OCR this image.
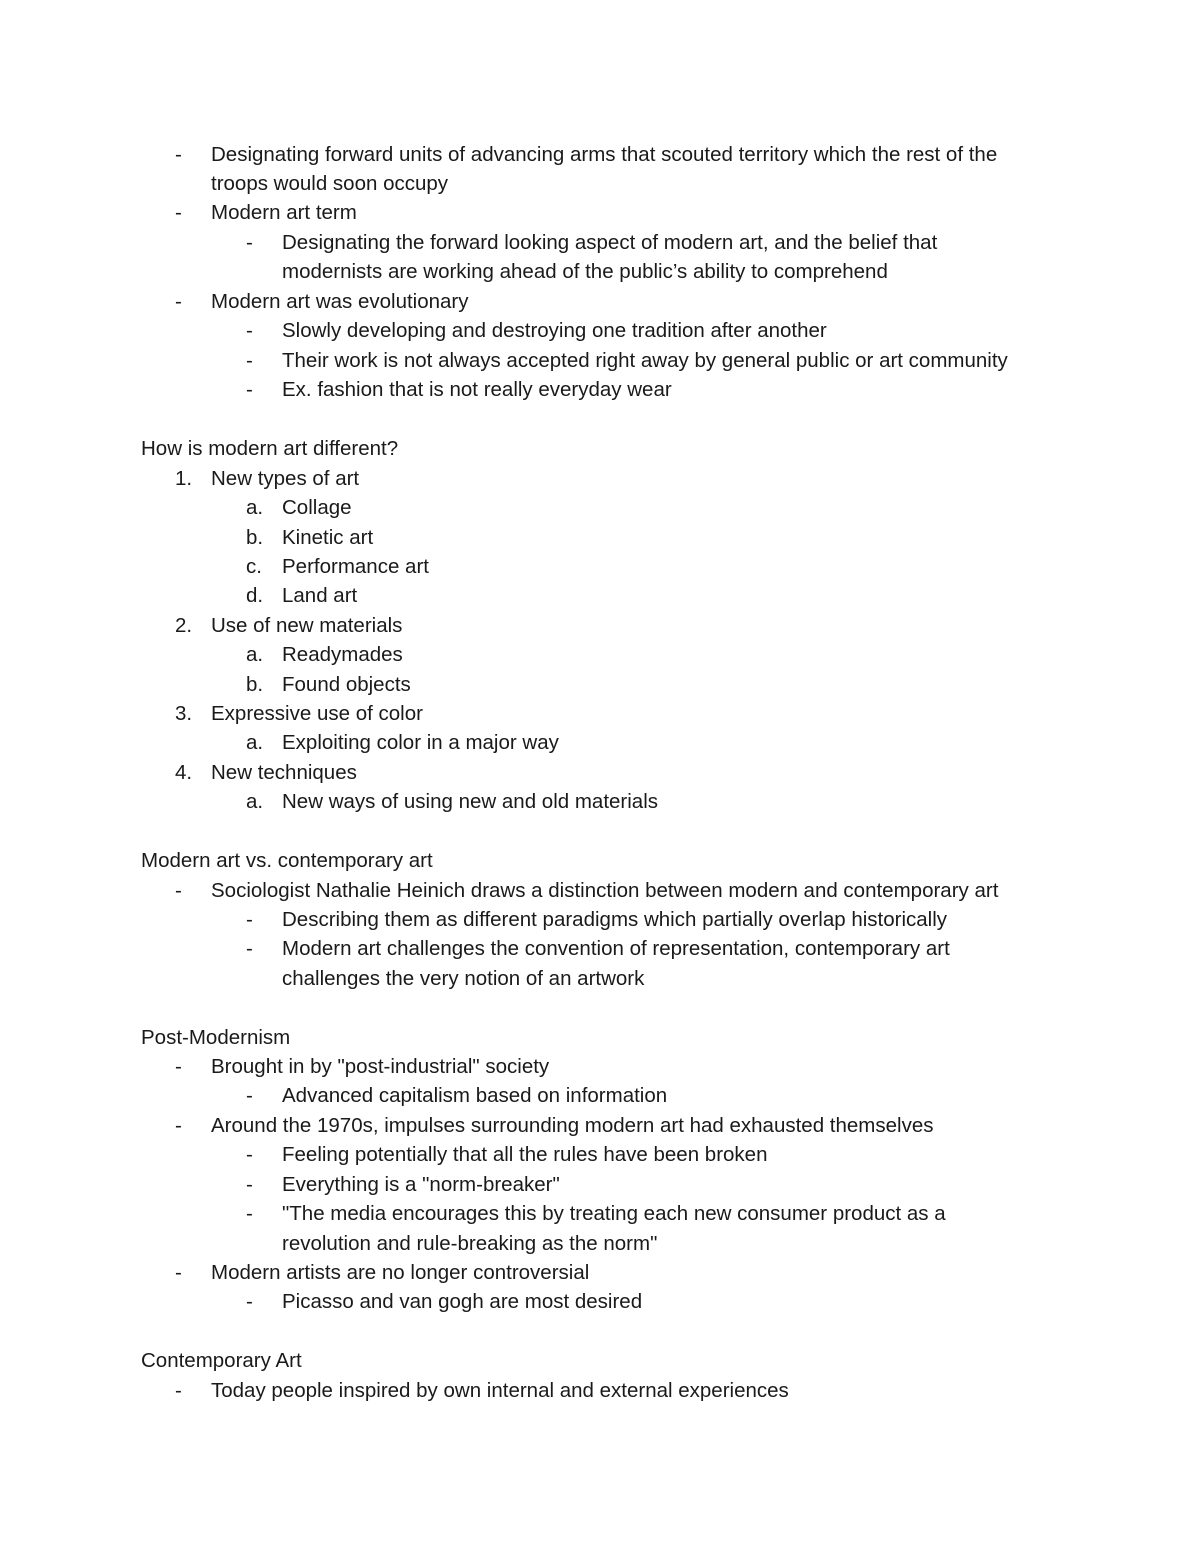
- Designating forward units of advancing arms that scouted territory which the rest of the
troops would soon occupy
- Modern art term
- Designating the forward looking aspect of modern art, and the belief that
modernists are working ahead of the public’s ability to comprehend
- Modern art was evolutionary
- Slowly developing and destroying one tradition after another
- Their work is not always accepted right away by general public or art community
- Ex. fashion that is not really everyday wear
How is modern art different?
1. New types of art
a. Collage
b. Kinetic art
c. Performance art
d. Land art
2. Use of new materials
a. Readymades
b. Found objects
3. Expressive use of color
a. Exploiting color in a major way
4. New techniques
a. New ways of using new and old materials
Modern art vs. contemporary art
- Sociologist Nathalie Heinich draws a distinction between modern and contemporary art
- Describing them as different paradigms which partially overlap historically
- Modern art challenges the convention of representation, contemporary art
challenges the very notion of an artwork
Post-Modernism
- Brought in by "post-industrial" society
- Advanced capitalism based on information
- Around the 1970s, impulses surrounding modern art had exhausted themselves
- Feeling potentially that all the rules have been broken
- Everything is a "norm-breaker"
- "The media encourages this by treating each new consumer product as a
revolution and rule-breaking as the norm"
- Modern artists are no longer controversial
- Picasso and van gogh are most desired
Contemporary Art
- Today people inspired by own internal and external experiences
